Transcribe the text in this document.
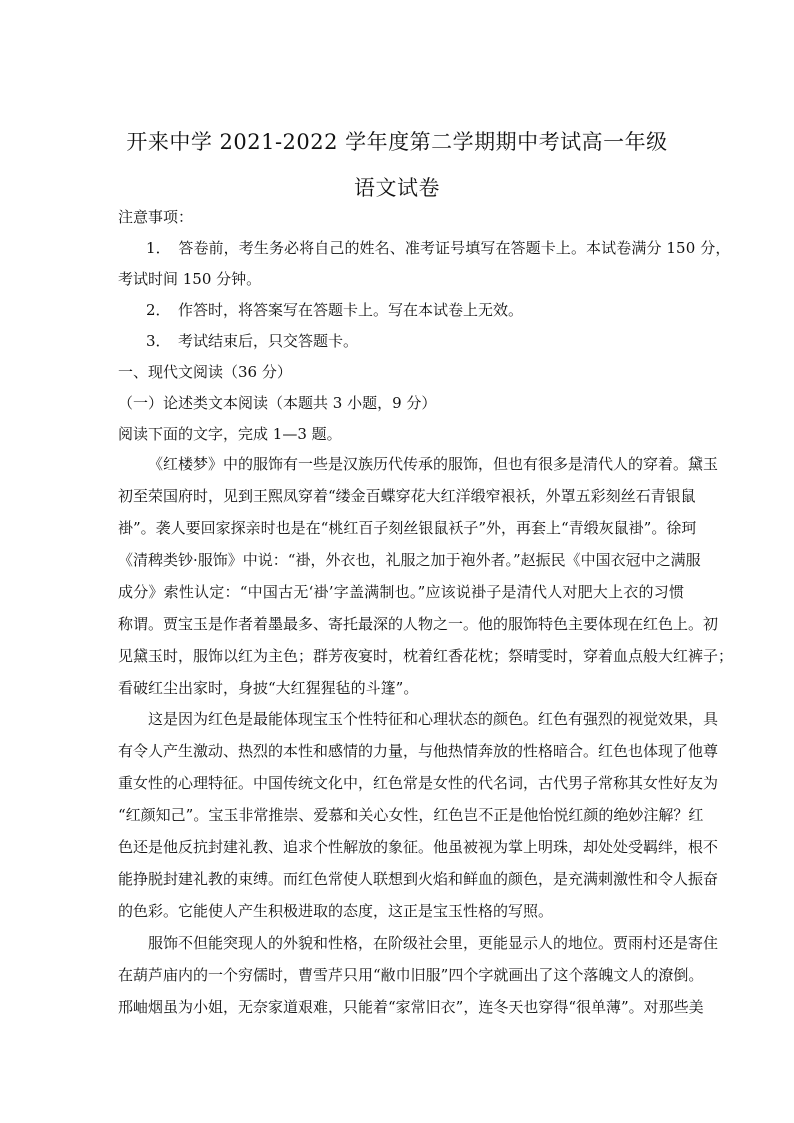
开来中学 2021-2022 学年度第二学期期中考试高一年级
语文试卷
注意事项：
1．　答卷前，考生务必将自己的姓名、准考证号填写在答题卡上。本试卷满分 150 分，
考试时间 150 分钟。
2．　作答时，将答案写在答题卡上。写在本试卷上无效。
3．　考试结束后，只交答题卡。
一、现代文阅读（36 分）
（一）论述类文本阅读（本题共 3 小题，9 分）
阅读下面的文字，完成 1—3 题。
《红楼梦》中的服饰有一些是汉族历代传承的服饰，但也有很多是清代人的穿着。黛玉
初至荣国府时，见到王熙凤穿着“缕金百蝶穿花大红洋缎窄裉袄，外罩五彩刻丝石青银鼠
褂”。袭人要回家探亲时也是在“桃红百子刻丝银鼠袄子”外，再套上“青缎灰鼠褂”。徐珂
《清稗类钞·服饰》中说：“褂，外衣也，礼服之加于袍外者。”赵振民《中国衣冠中之满服
成分》索性认定：“中国古无‘褂’字盖满制也。”应该说褂子是清代人对肥大上衣的习惯
称谓。贾宝玉是作者着墨最多、寄托最深的人物之一。他的服饰特色主要体现在红色上。初
见黛玉时，服饰以红为主色；群芳夜宴时，枕着红香花枕；祭晴雯时，穿着血点般大红裤子；
看破红尘出家时，身披“大红猩猩毡的斗篷”。
这是因为红色是最能体现宝玉个性特征和心理状态的颜色。红色有强烈的视觉效果，具
有令人产生激动、热烈的本性和感情的力量，与他热情奔放的性格暗合。红色也体现了他尊
重女性的心理特征。中国传统文化中，红色常是女性的代名词，古代男子常称其女性好友为
“红颜知己”。宝玉非常推崇、爱慕和关心女性，红色岂不正是他怡悦红颜的绝妙注解？红
色还是他反抗封建礼教、追求个性解放的象征。他虽被视为掌上明珠，却处处受羁绊，根不
能挣脱封建礼教的束缚。而红色常使人联想到火焰和鲜血的颜色，是充满刺激性和令人振奋
的色彩。它能使人产生积极进取的态度，这正是宝玉性格的写照。
服饰不但能突现人的外貌和性格，在阶级社会里，更能显示人的地位。贾雨村还是寄住
在葫芦庙内的一个穷儒时，曹雪芹只用“敝巾旧服”四个字就画出了这个落魄文人的潦倒。
邢岫烟虽为小姐，无奈家道艰难，只能着“家常旧衣”，连冬天也穿得“很单薄”。对那些美
